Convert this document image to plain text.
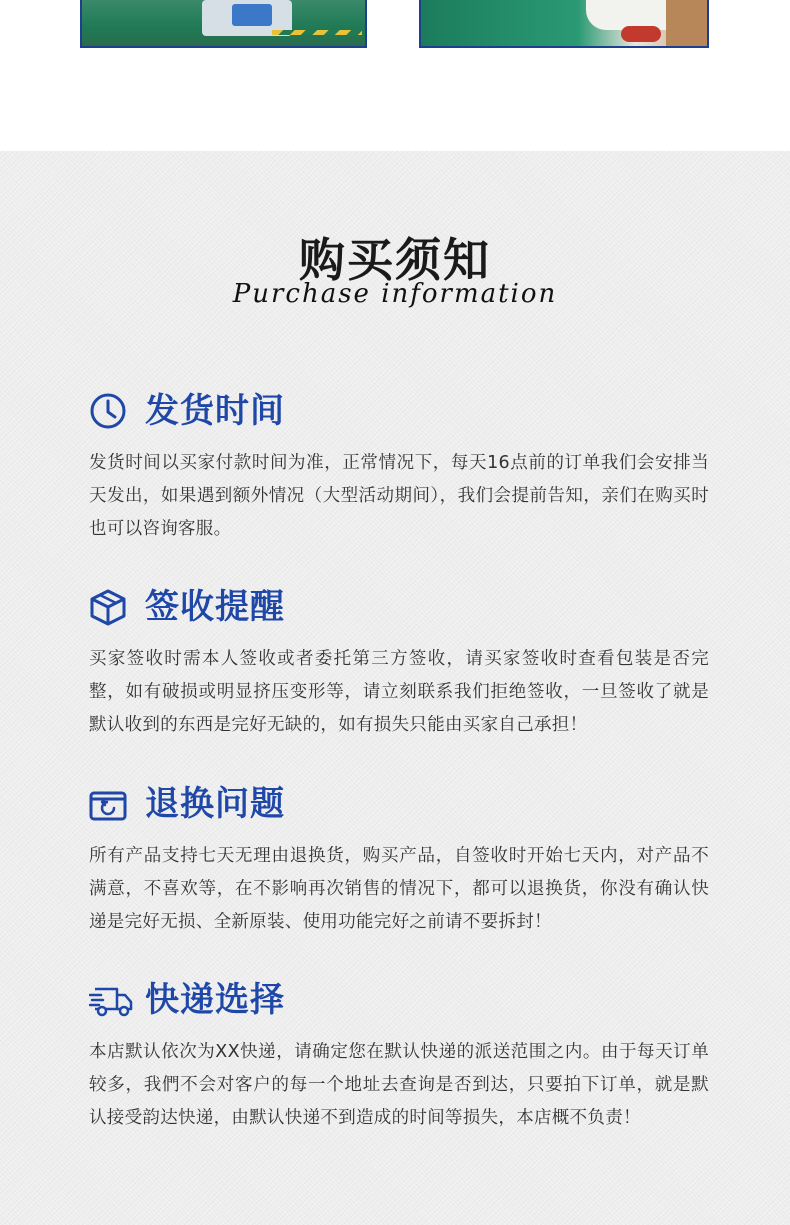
购买须知
Purchase information
发货时间
发货时间以买家付款时间为准，正常情况下，每天16点前的订单我们会安排当天发出，如果遇到额外情况（大型活动期间），我们会提前告知，亲们在购买时也可以咨询客服。
签收提醒
买家签收时需本人签收或者委托第三方签收，请买家签收时查看包装是否完整，如有破损或明显挤压变形等，请立刻联系我们拒绝签收，一旦签收了就是默认收到的东西是完好无缺的，如有损失只能由买家自己承担！
退换问题
所有产品支持七天无理由退换货，购买产品，自签收时开始七天内，对产品不满意，不喜欢等，在不影响再次销售的情况下，都可以退换货，你没有确认快递是完好无损、全新原装、使用功能完好之前请不要拆封！
快递选择
本店默认依次为XX快递，请确定您在默认快递的派送范围之内。由于每天订单较多，我們不会对客户的每一个地址去查询是否到达，只要拍下订单，就是默认接受韵达快递，由默认快递不到造成的时间等损失，本店概不负责！
